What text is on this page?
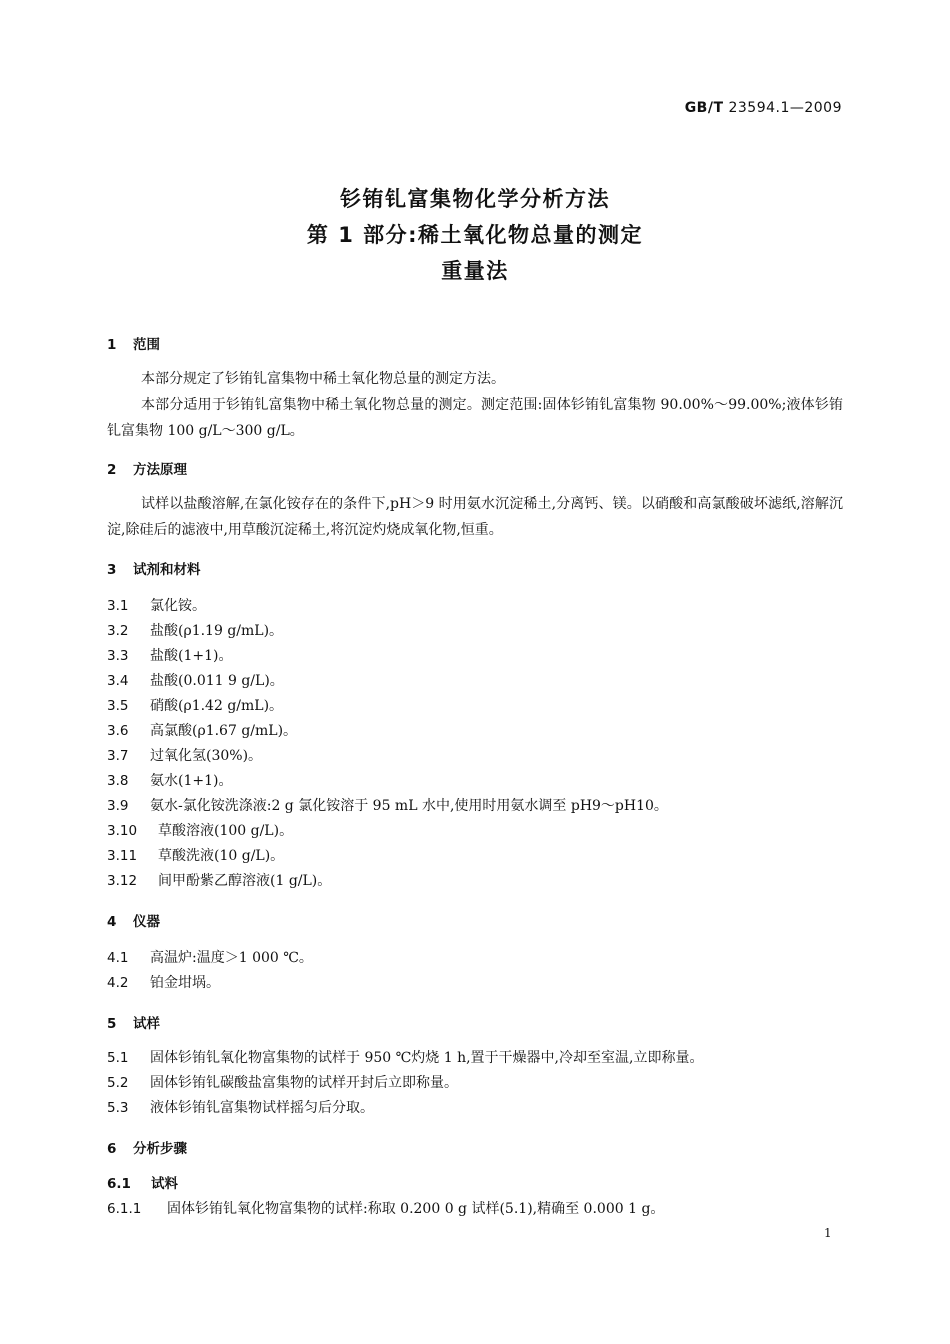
GB/T 23594.1—2009
钐铕钆富集物化学分析方法
第 1 部分:稀土氧化物总量的测定
重量法
1 范围

本部分规定了钐铕钆富集物中稀土氧化物总量的测定方法。

本部分适用于钐铕钆富集物中稀土氧化物总量的测定。测定范围:固体钐铕钆富集物 90.00%～99.00%;液体钐铕钆富集物 100 g/L～300 g/L。

2 方法原理

试样以盐酸溶解,在氯化铵存在的条件下,pH＞9 时用氨水沉淀稀土,分离钙、镁。以硝酸和高氯酸破坏滤纸,溶解沉淀,除硅后的滤液中,用草酸沉淀稀土,将沉淀灼烧成氧化物,恒重。

3 试剂和材料
3.1 氯化铵。
3.2 盐酸(ρ1.19 g/mL)。
3.3 盐酸(1+1)。
3.4 盐酸(0.011 9 g/L)。
3.5 硝酸(ρ1.42 g/mL)。
3.6 高氯酸(ρ1.67 g/mL)。
3.7 过氧化氢(30%)。
3.8 氨水(1+1)。
3.9 氨水-氯化铵洗涤液:2 g 氯化铵溶于 95 mL 水中,使用时用氨水调至 pH9～pH10。
3.10 草酸溶液(100 g/L)。
3.11 草酸洗液(10 g/L)。
3.12 间甲酚紫乙醇溶液(1 g/L)。
4 仪器
4.1 高温炉:温度＞1 000 ℃。
4.2 铂金坩埚。
5 试样
5.1 固体钐铕钆氧化物富集物的试样于 950 ℃灼烧 1 h,置于干燥器中,冷却至室温,立即称量。
5.2 固体钐铕钆碳酸盐富集物的试样开封后立即称量。
5.3 液体钐铕钆富集物试样摇匀后分取。
6 分析步骤
6.1 试料
6.1.1 固体钐铕钆氧化物富集物的试样:称取 0.200 0 g 试样(5.1),精确至 0.000 1 g。
1
